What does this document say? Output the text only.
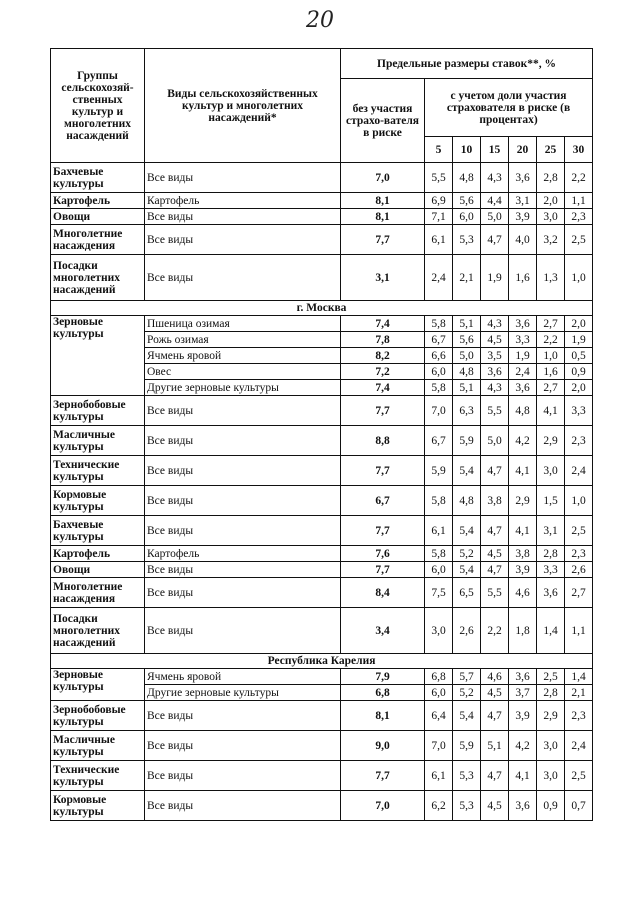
20
Группы сельскохозяй-ственных культур и многолетних насаждений	Виды сельскохозяйственных культур и многолетних насаждений*	Предельные размеры ставок**, %						
		без участия страхо-вателя в риске	с учетом доли участия страхователя в риске (в процентах)					
			5	10	15	20	25	30
Бахчевые культуры	Все виды	7,0	5,5	4,8	4,3	3,6	2,8	2,2
Картофель	Картофель	8,1	6,9	5,6	4,4	3,1	2,0	1,1
Овощи	Все виды	8,1	7,1	6,0	5,0	3,9	3,0	2,3
Многолетние насаждения	Все виды	7,7	6,1	5,3	4,7	4,0	3,2	2,5
Посадки многолетних насаждений	Все виды	3,1	2,4	2,1	1,9	1,6	1,3	1,0
г. Москва								
Зерновые культуры	Пшеница озимая	7,4	5,8	5,1	4,3	3,6	2,7	2,0
	Рожь озимая	7,8	6,7	5,6	4,5	3,3	2,2	1,9
	Ячмень яровой	8,2	6,6	5,0	3,5	1,9	1,0	0,5
	Овес	7,2	6,0	4,8	3,6	2,4	1,6	0,9
	Другие зерновые культуры	7,4	5,8	5,1	4,3	3,6	2,7	2,0
Зернобобовые культуры	Все виды	7,7	7,0	6,3	5,5	4,8	4,1	3,3
Масличные культуры	Все виды	8,8	6,7	5,9	5,0	4,2	2,9	2,3
Технические культуры	Все виды	7,7	5,9	5,4	4,7	4,1	3,0	2,4
Кормовые культуры	Все виды	6,7	5,8	4,8	3,8	2,9	1,5	1,0
Бахчевые культуры	Все виды	7,7	6,1	5,4	4,7	4,1	3,1	2,5
Картофель	Картофель	7,6	5,8	5,2	4,5	3,8	2,8	2,3
Овощи	Все виды	7,7	6,0	5,4	4,7	3,9	3,3	2,6
Многолетние насаждения	Все виды	8,4	7,5	6,5	5,5	4,6	3,6	2,7
Посадки многолетних насаждений	Все виды	3,4	3,0	2,6	2,2	1,8	1,4	1,1
Республика Карелия								
Зерновые культуры	Ячмень яровой	7,9	6,8	5,7	4,6	3,6	2,5	1,4
	Другие зерновые культуры	6,8	6,0	5,2	4,5	3,7	2,8	2,1
Зернобобовые культуры	Все виды	8,1	6,4	5,4	4,7	3,9	2,9	2,3
Масличные культуры	Все виды	9,0	7,0	5,9	5,1	4,2	3,0	2,4
Технические культуры	Все виды	7,7	6,1	5,3	4,7	4,1	3,0	2,5
Кормовые культуры	Все виды	7,0	6,2	5,3	4,5	3,6	0,9	0,7
